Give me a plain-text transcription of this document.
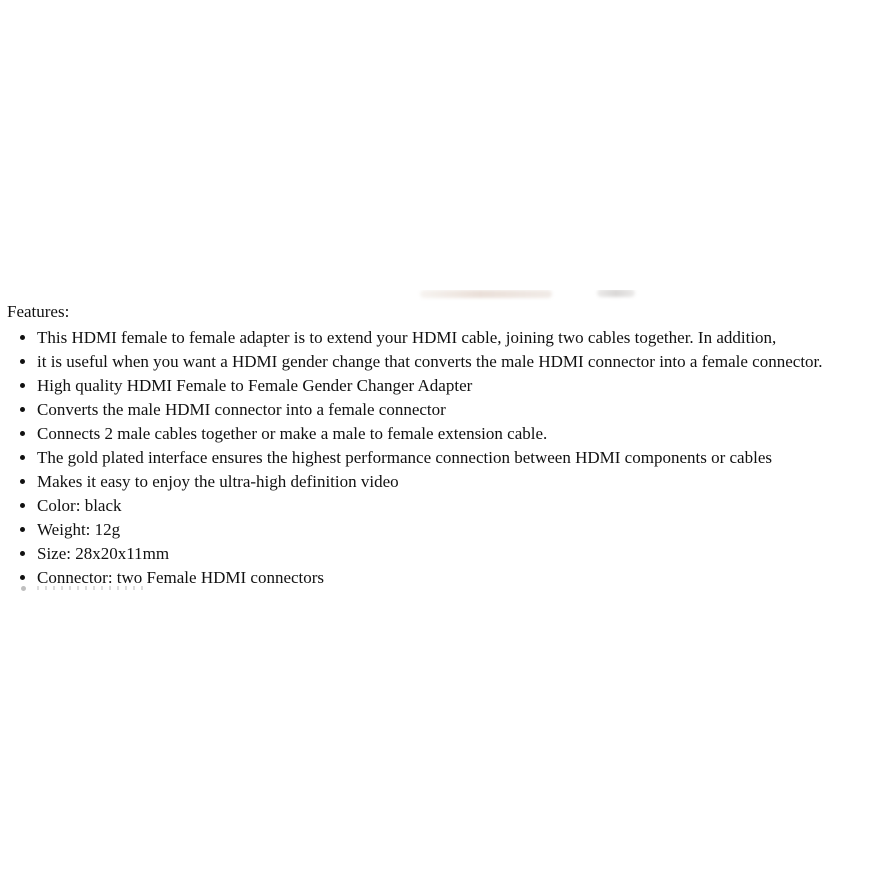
Features:
• This HDMI female to female adapter is to extend your HDMI cable, joining two cables together. In addition,
• it is useful when you want a HDMI gender change that converts the male HDMI connector into a female connector.
• High quality HDMI Female to Female Gender Changer Adapter
• Converts the male HDMI connector into a female connector
• Connects 2 male cables together or make a male to female extension cable.
• The gold plated interface ensures the highest performance connection between HDMI components or cables
• Makes it easy to enjoy the ultra-high definition video
• Color: black
• Weight: 12g
• Size: 28x20x11mm
• Connector: two Female HDMI connectors
